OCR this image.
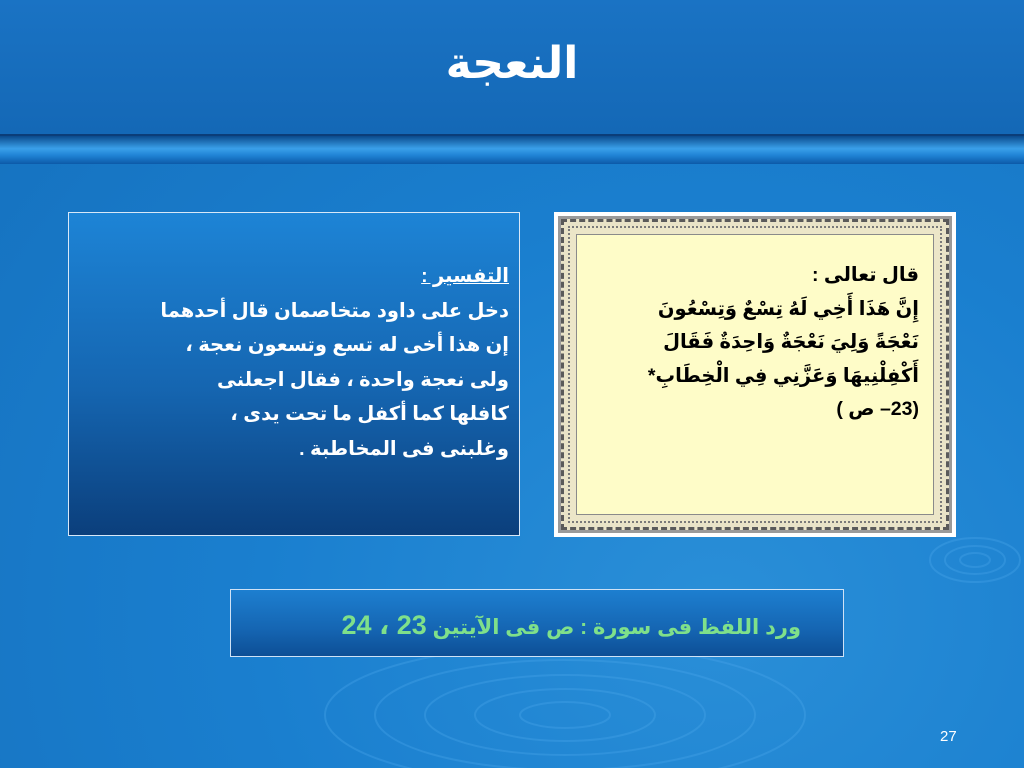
النعجة
التفسير :
دخل على داود متخاصمان قال أحدهما
إن هذا أخى له تسع وتسعون نعجة ،
ولى نعجة واحدة ، فقال اجعلنى
كافلها كما أكفل ما تحت يدى ،
وغلبنى فى المخاطبة .
قال تعالى :
إِنَّ هَذَا أَخِي لَهُ تِسْعٌ وَتِسْعُونَ
نَعْجَةً وَلِيَ نَعْجَةٌ وَاحِدَةٌ فَقَالَ
أَكْفِلْنِيهَا وَعَزَّنِي فِي الْخِطَابِ*
(23– ص )
ورد اللفظ فى سورة : ص فى الآيتين 23 ، 24
27
